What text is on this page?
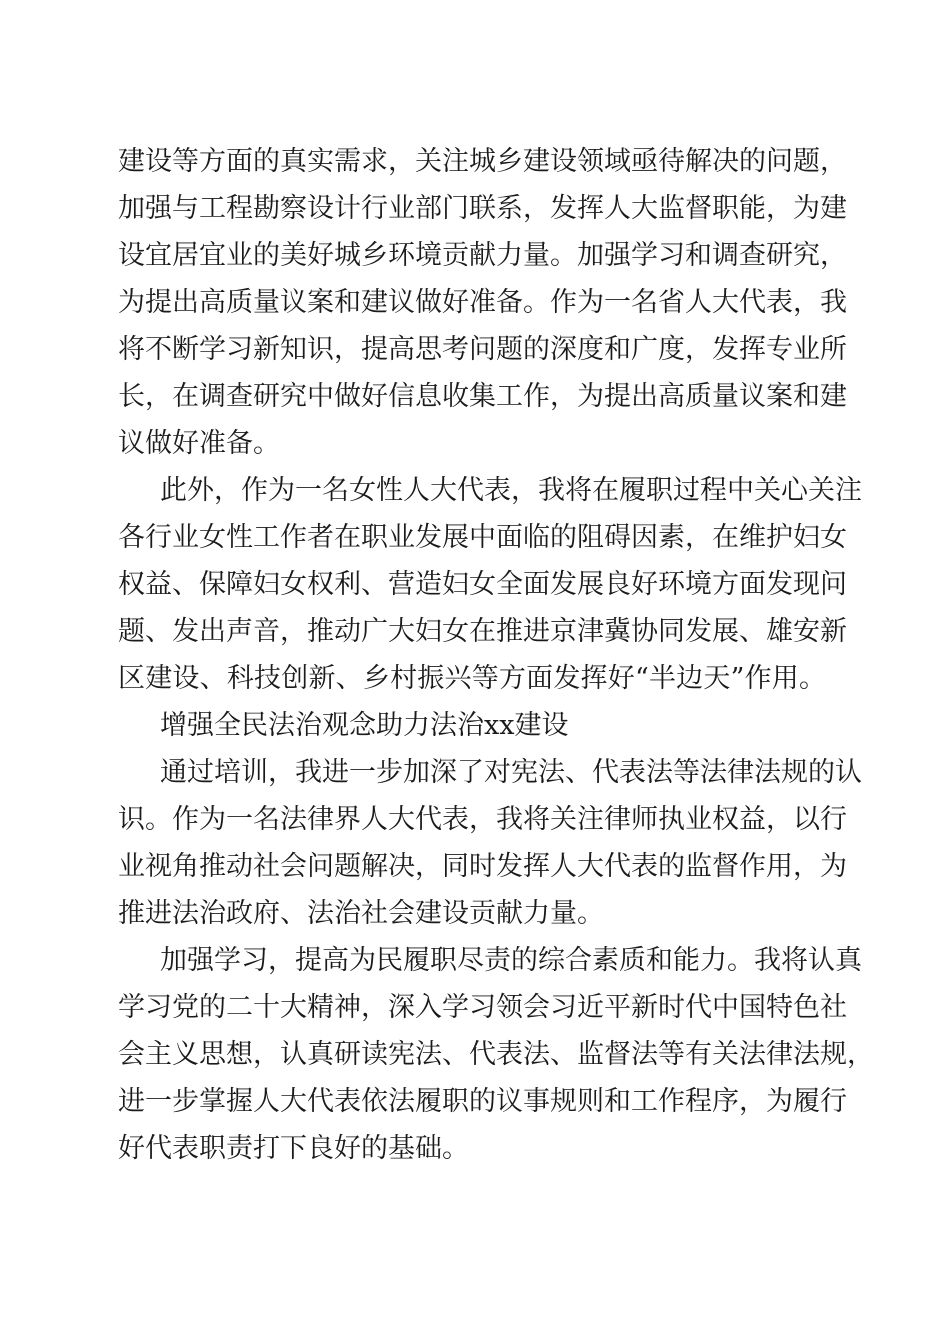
建设等方面的真实需求，关注城乡建设领域亟待解决的问题，
加强与工程勘察设计行业部门联系，发挥人大监督职能，为建
设宜居宜业的美好城乡环境贡献力量。加强学习和调查研究，
为提出高质量议案和建议做好准备。作为一名省人大代表，我
将不断学习新知识，提高思考问题的深度和广度，发挥专业所
长，在调查研究中做好信息收集工作，为提出高质量议案和建
议做好准备。
此外，作为一名女性人大代表，我将在履职过程中关心关注
各行业女性工作者在职业发展中面临的阻碍因素，在维护妇女
权益、保障妇女权利、营造妇女全面发展良好环境方面发现问
题、发出声音，推动广大妇女在推进京津冀协同发展、雄安新
区建设、科技创新、乡村振兴等方面发挥好“半边天”作用。
增强全民法治观念助力法治xx建设
通过培训，我进一步加深了对宪法、代表法等法律法规的认
识。作为一名法律界人大代表，我将关注律师执业权益，以行
业视角推动社会问题解决，同时发挥人大代表的监督作用，为
推进法治政府、法治社会建设贡献力量。
加强学习，提高为民履职尽责的综合素质和能力。我将认真
学习党的二十大精神，深入学习领会习近平新时代中国特色社
会主义思想，认真研读宪法、代表法、监督法等有关法律法规，
进一步掌握人大代表依法履职的议事规则和工作程序，为履行
好代表职责打下良好的基础。
